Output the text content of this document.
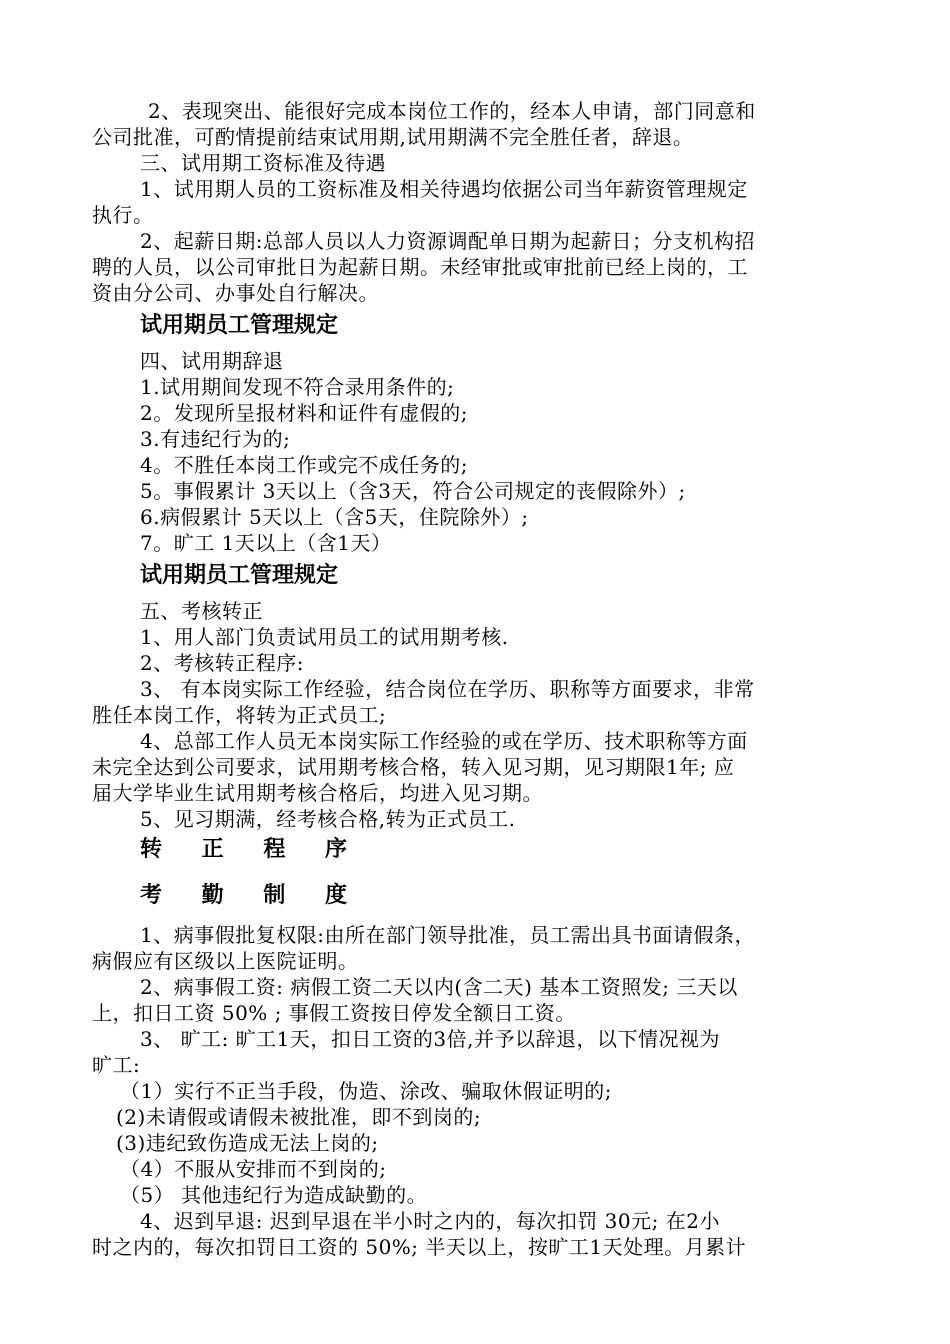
2、表现突出、能很好完成本岗位工作的，经本人申请，部门同意和
公司批准，可酌情提前结束试用期,试用期满不完全胜任者，辞退。
三、试用期工资标准及待遇
1、试用期人员的工资标准及相关待遇均依据公司当年薪资管理规定
执行。
2、起薪日期:总部人员以人力资源调配单日期为起薪日；分支机构招
聘的人员，以公司审批日为起薪日期。未经审批或审批前已经上岗的，工
资由分公司、办事处自行解决。
试用期员工管理规定
四、试用期辞退
1.试用期间发现不符合录用条件的;
2。发现所呈报材料和证件有虚假的;
3.有违纪行为的;
4。不胜任本岗工作或完不成任务的;
5。事假累计 3天以上（含3天，符合公司规定的丧假除外）;
6.病假累计 5天以上（含5天，住院除外）;
7。旷工 1天以上（含1天）
试用期员工管理规定
五、考核转正
1、用人部门负责试用员工的试用期考核.
2、考核转正程序:
3、 有本岗实际工作经验，结合岗位在学历、职称等方面要求，非常
胜任本岗工作，将转为正式员工;
4、总部工作人员无本岗实际工作经验的或在学历、技术职称等方面
未完全达到公司要求，试用期考核合格，转入见习期，见习期限1年; 应
届大学毕业生试用期考核合格后，均进入见习期。
5、见习期满，经考核合格,转为正式员工.
转 正 程 序
考 勤 制 度
1、病事假批复权限:由所在部门领导批准，员工需出具书面请假条，
病假应有区级以上医院证明。
2、病事假工资: 病假工资二天以内(含二天) 基本工资照发; 三天以
上，扣日工资 50% ; 事假工资按日停发全额日工资。
3、 旷工: 旷工1天，扣日工资的3倍,并予以辞退，以下情况视为
旷工:
（1）实行不正当手段，伪造、涂改、骗取休假证明的;
(2)未请假或请假未被批准，即不到岗的;
(3)违纪致伤造成无法上岗的;
（4）不服从安排而不到岗的;
（5） 其他违纪行为造成缺勤的。
4、迟到早退: 迟到早退在半小时之内的，每次扣罚 30元; 在2小
时之内的，每次扣罚日工资的 50%; 半天以上，按旷工1天处理。月累计
